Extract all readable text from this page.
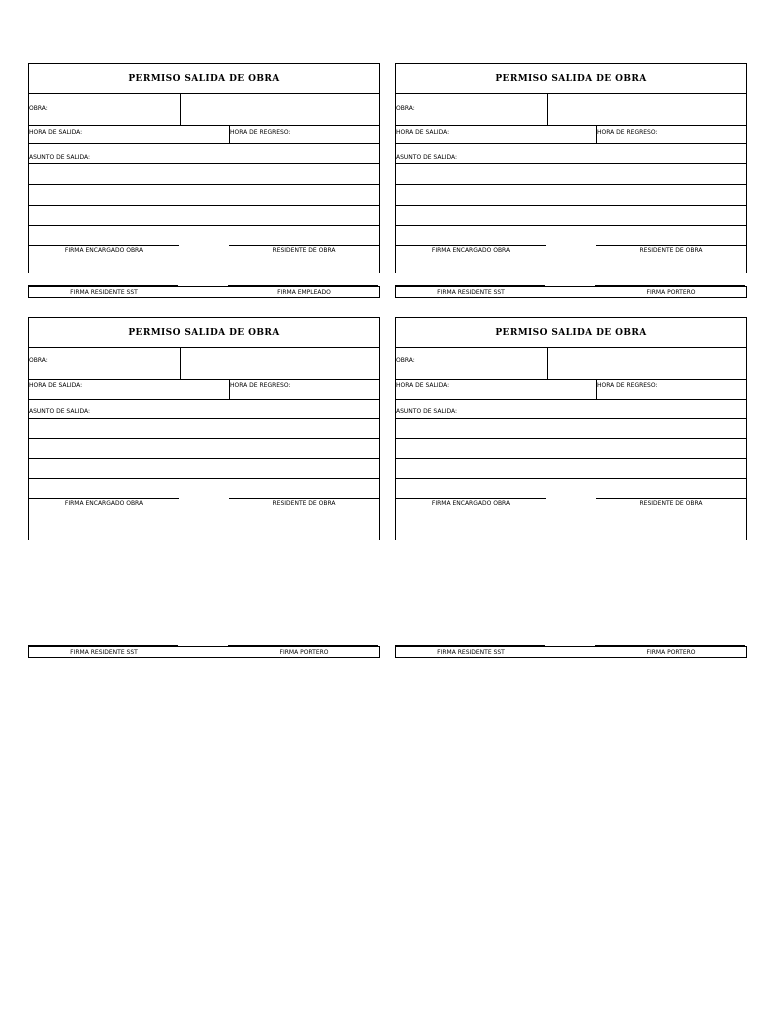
PERMISO SALIDA DE OBRA
OBRA:
HORA DE SALIDA:	HORA DE REGRESO:
ASUNTO DE SALIDA:
FIRMA ENCARGADO OBRA	RESIDENTE DE OBRA
FIRMA RESIDENTE SST	FIRMA EMPLEADO
PERMISO SALIDA DE OBRA
OBRA:
HORA DE SALIDA:	HORA DE REGRESO:
ASUNTO DE SALIDA:
FIRMA ENCARGADO OBRA	RESIDENTE DE OBRA
FIRMA RESIDENTE SST	FIRMA PORTERO
PERMISO SALIDA DE OBRA
OBRA:
HORA DE SALIDA:	HORA DE REGRESO:
ASUNTO DE SALIDA:
FIRMA ENCARGADO OBRA	RESIDENTE DE OBRA
FIRMA RESIDENTE SST	FIRMA PORTERO
PERMISO SALIDA DE OBRA
OBRA:
HORA DE SALIDA:	HORA DE REGRESO:
ASUNTO DE SALIDA:
FIRMA ENCARGADO OBRA	RESIDENTE DE OBRA
FIRMA RESIDENTE SST	FIRMA PORTERO
